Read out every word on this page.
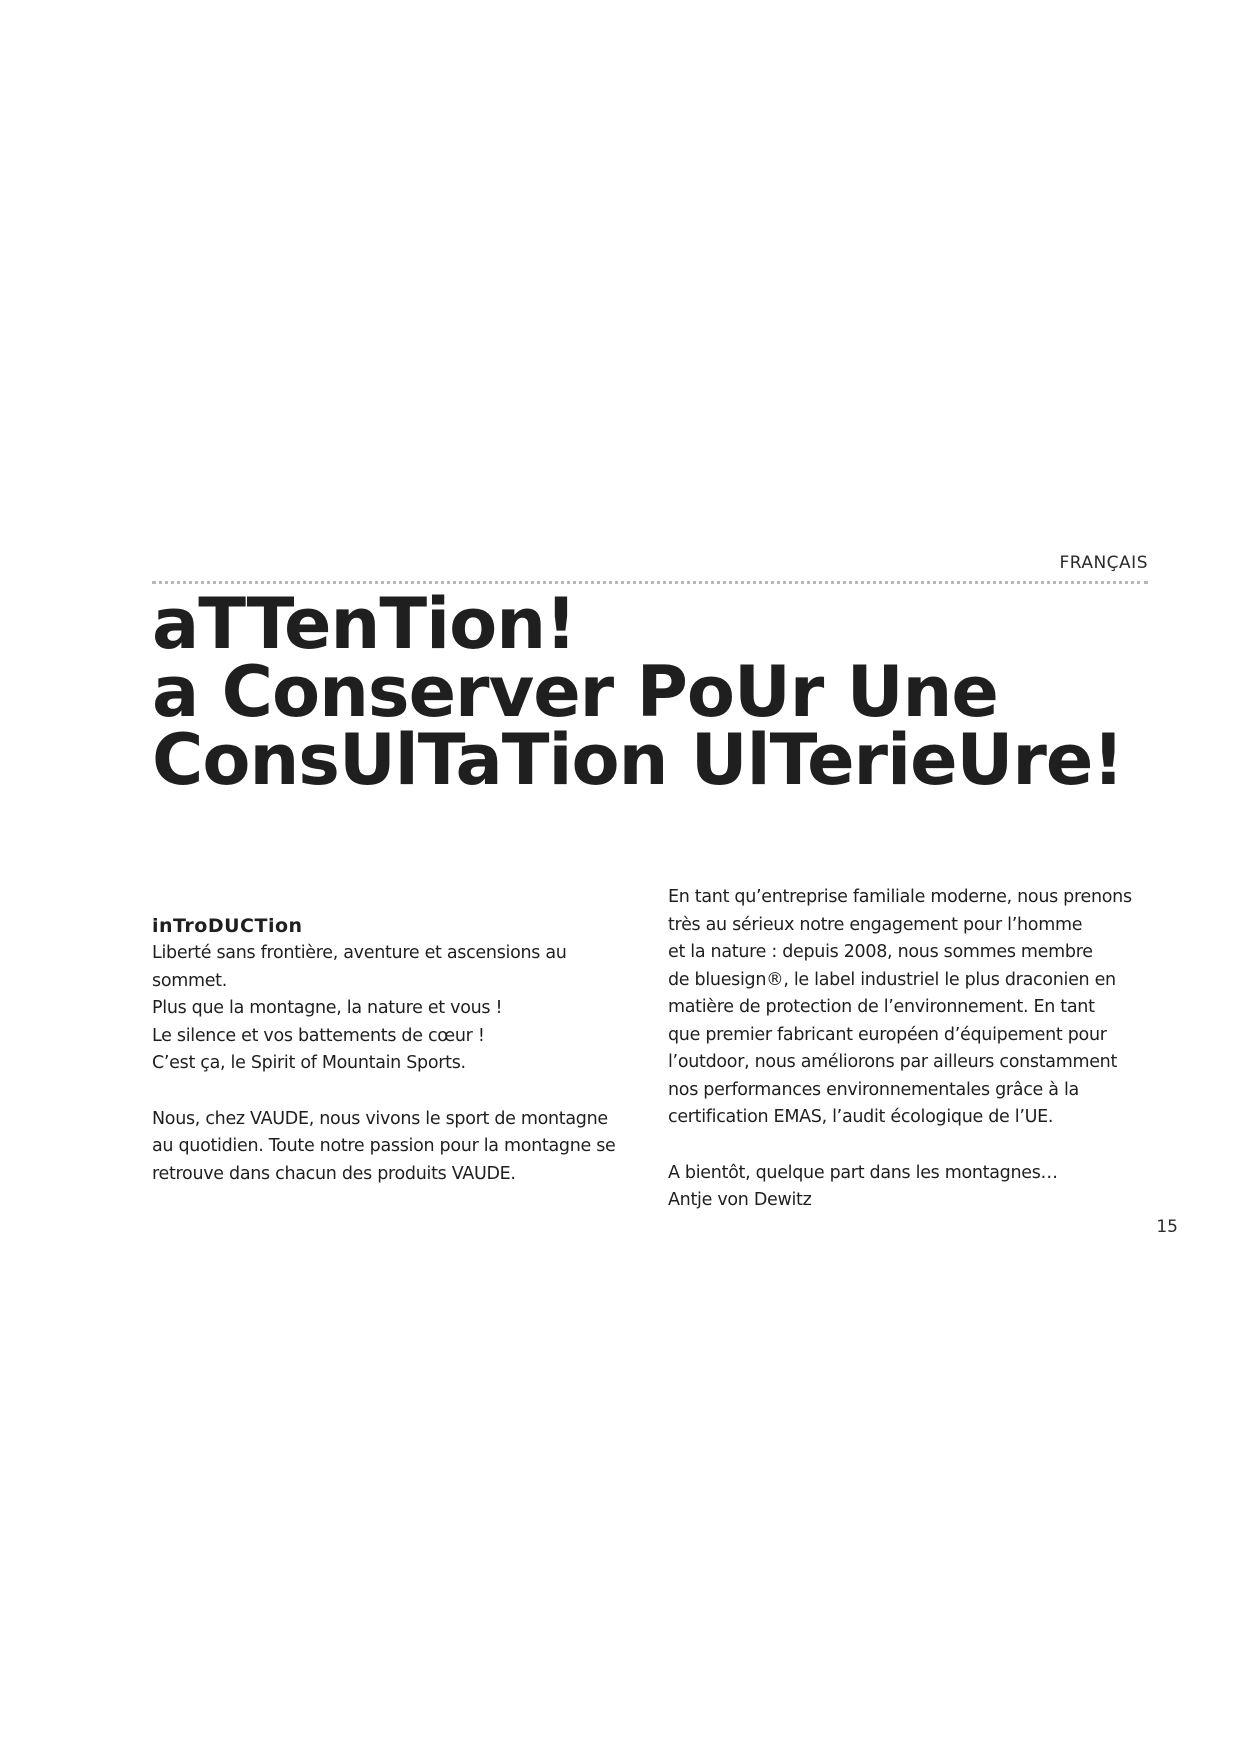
FRANÇAIS
aTTenTion!
a Conserver PoUr Une
ConsUlTaTion UlTerieUre!

inTroDUCTion

Liberté sans frontière, aventure et ascensions au
sommet.
Plus que la montagne, la nature et vous !
Le silence et vos battements de cœur !
C’est ça, le Spirit of Mountain Sports.

Nous, chez VAUDE, nous vivons le sport de montagne
au quotidien. Toute notre passion pour la montagne se
retrouve dans chacun des produits VAUDE.

En tant qu’entreprise familiale moderne, nous prenons
très au sérieux notre engagement pour l’homme
et la nature : depuis 2008, nous sommes membre
de bluesign®, le label industriel le plus draconien en
matière de protection de l’environnement. En tant
que premier fabricant européen d’équipement pour
l’outdoor, nous améliorons par ailleurs constamment
nos performances environnementales grâce à la
certification EMAS, l’audit écologique de l’UE.

A bientôt, quelque part dans les montagnes…
Antje von Dewitz

15
